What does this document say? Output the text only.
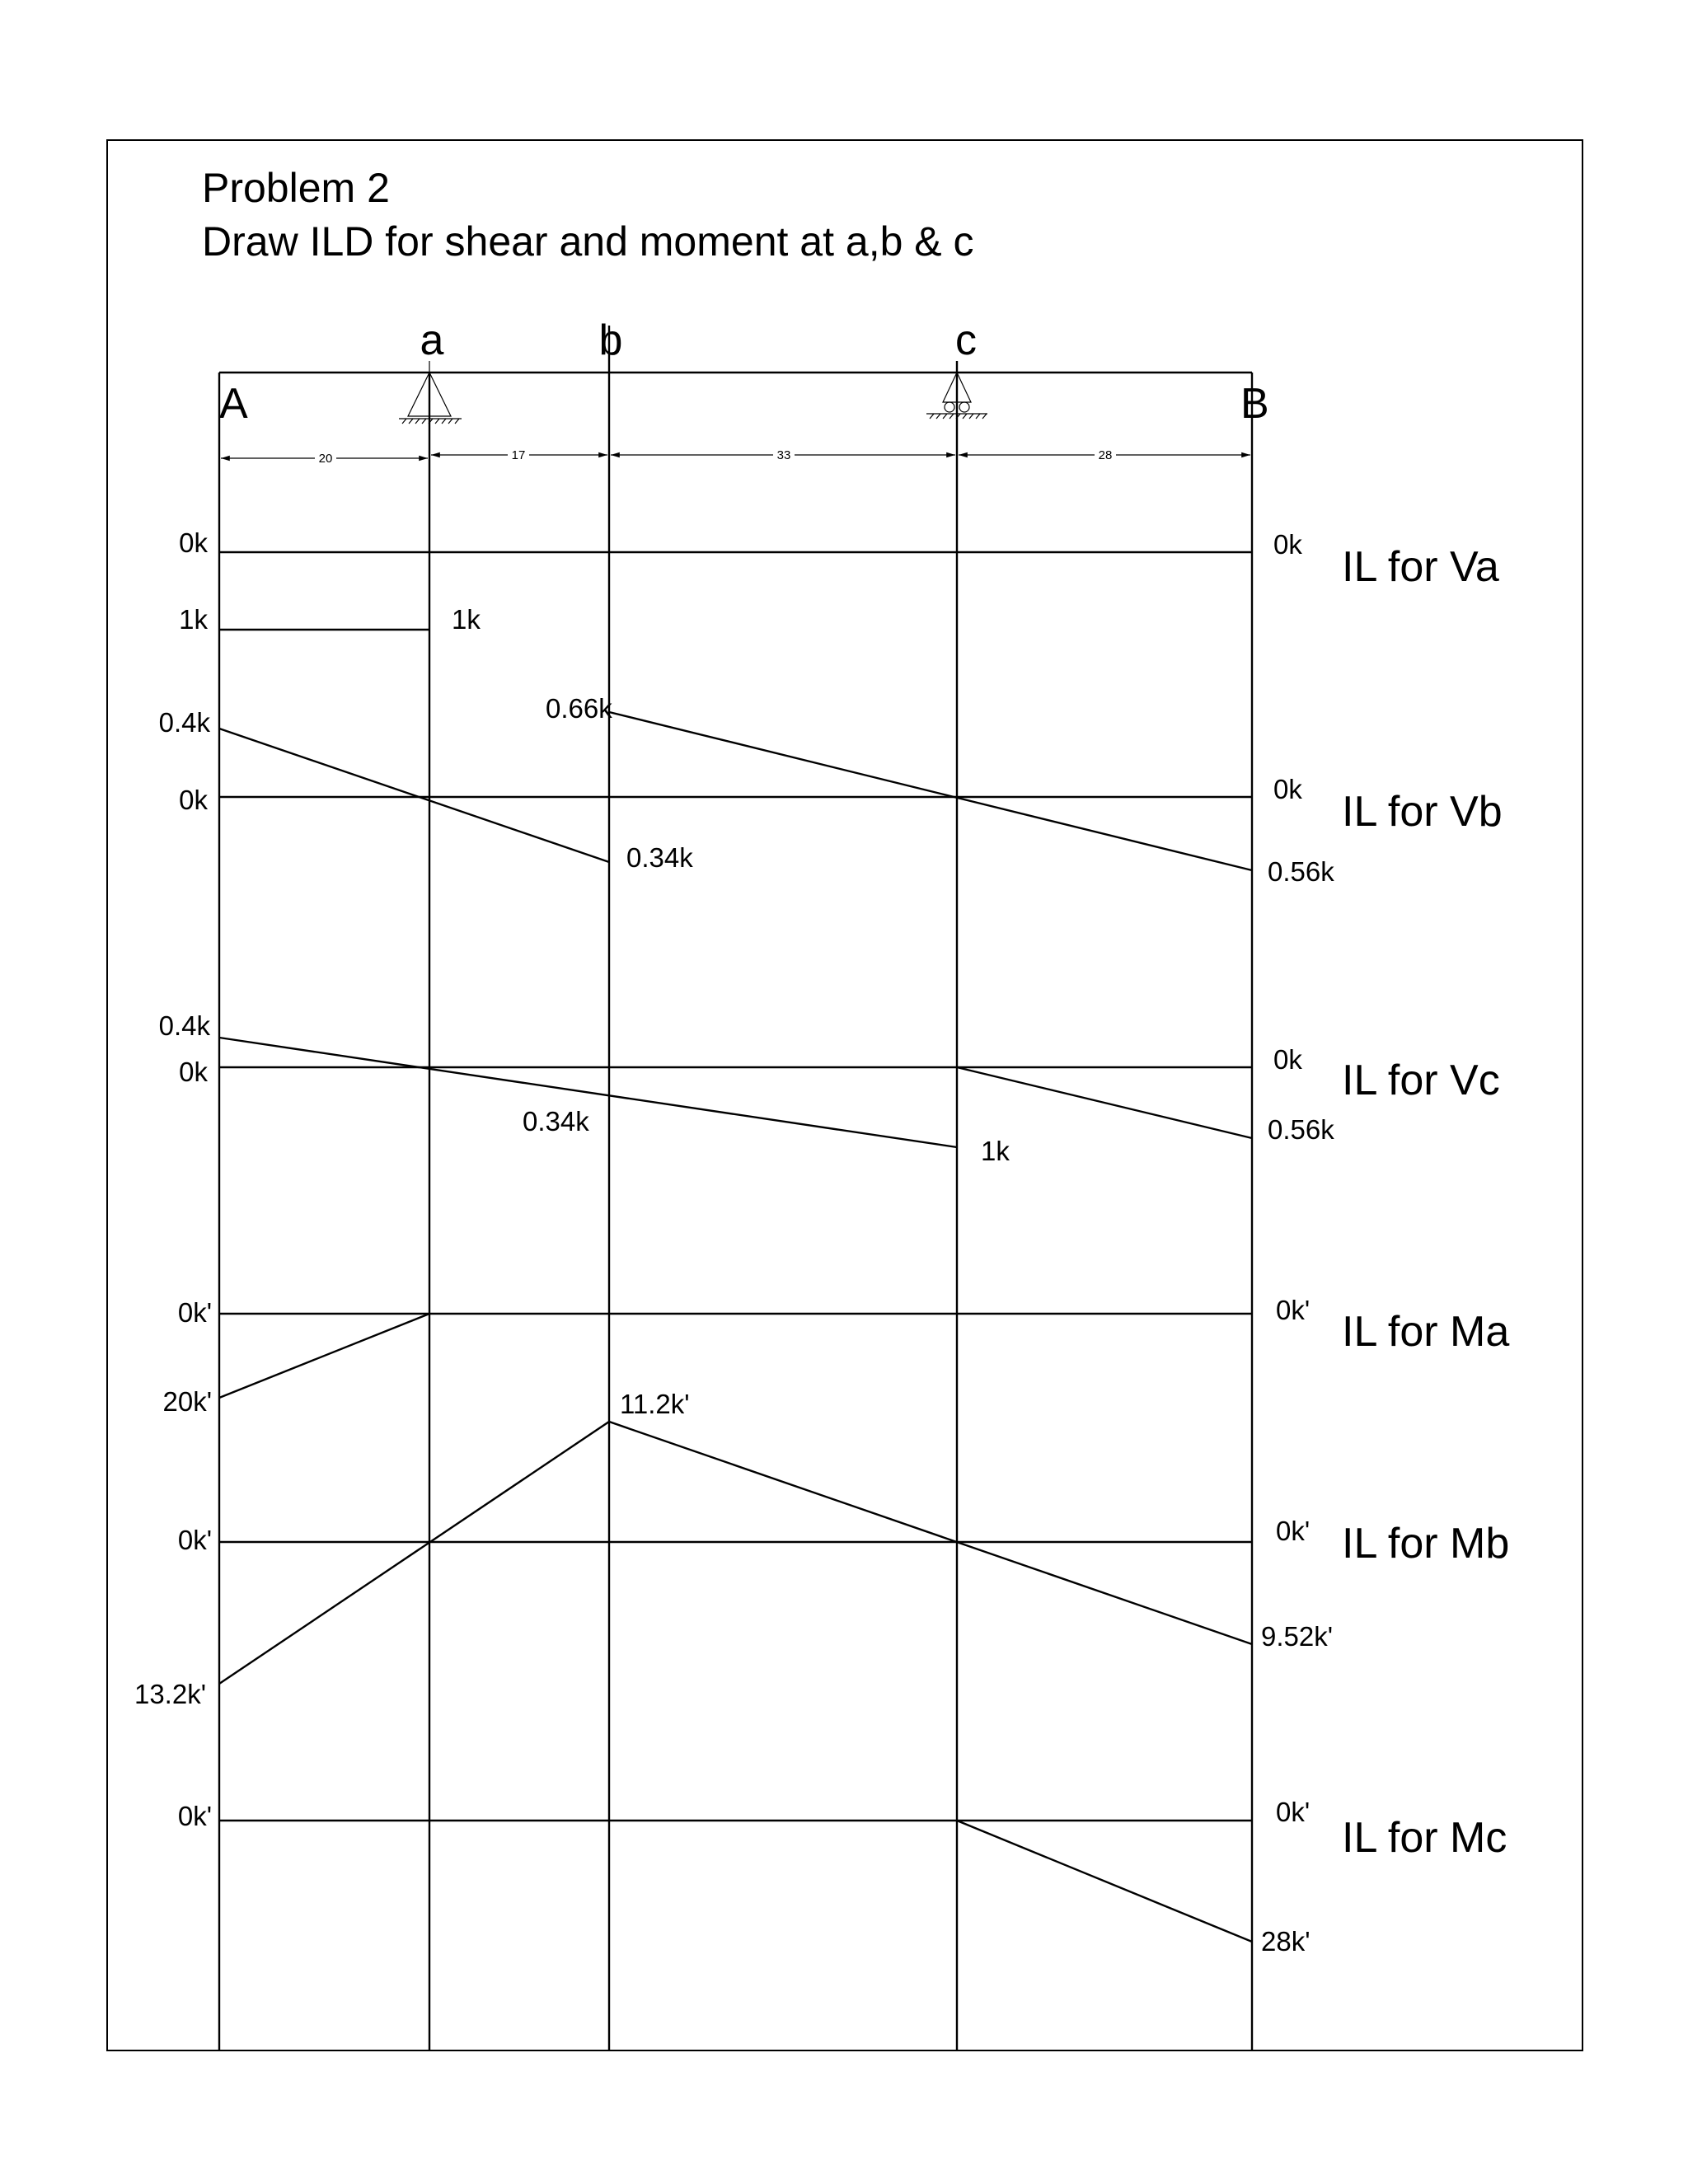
Problem 2
Draw ILD for shear and moment at a,b & c
A	B
a	b	c
20	17	33	28
0k
1k	1k
0k IL for Va
0.4k
0k
0.66k
0.34k
0k
0.56k
IL for Vb
0.4k
0k
0.34k
1k
0k
0.56k
IL for Vc
0k'
20k'
0k' IL for Ma
0k'
11.2k'
13.2k'
0k'
9.52k'
IL for Mb
0k'	0k'
28k'
IL for Mc
